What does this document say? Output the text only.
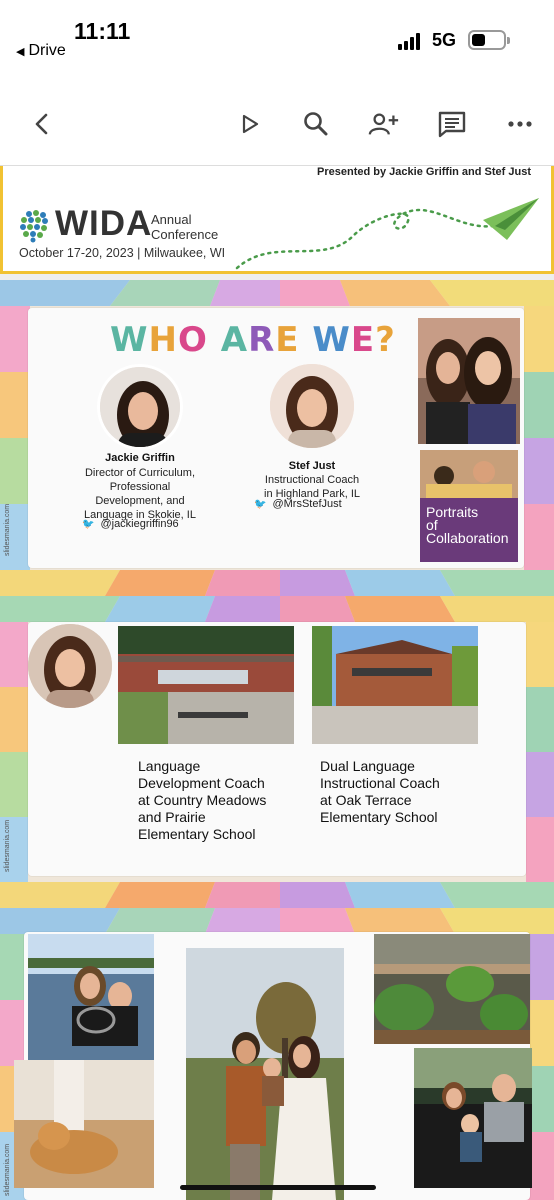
11:11
◀ Drive
5G
Presented by Jackie Griffin and Stef Just
WIDA
Annual
Conference
October 17-20, 2023 | Milwaukee, WI
slidesmania.com
WHO ARE WE?
Jackie Griffin
Director of Curriculum,
Professional
Development, and
Language in Skokie, IL
🐦 @jackiegriffin96
Stef Just
Instructional Coach
in Highland Park, IL
🐦 @MrsStefJust	Portraits
of Collaboration
slidesmania.com
Language
Development Coach
at Country Meadows
and Prairie
Elementary School
Dual Language
Instructional Coach
at Oak Terrace
Elementary School
slidesmania.com
